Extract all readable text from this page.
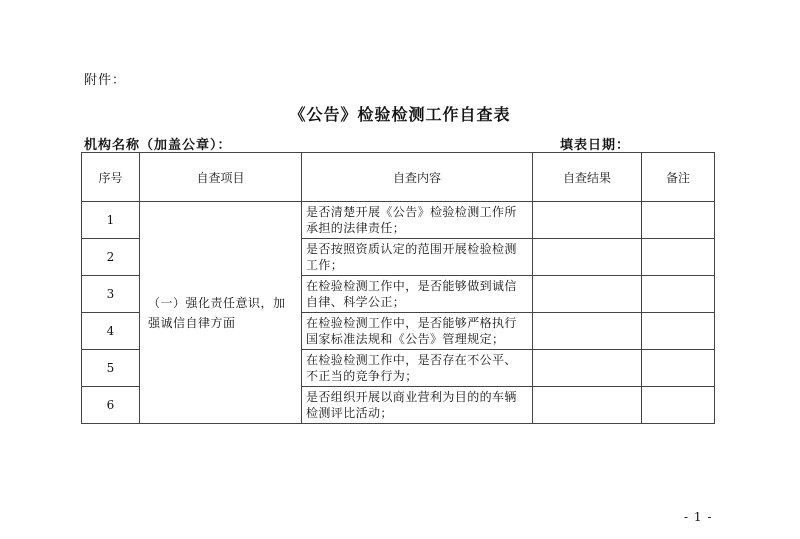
附件：
《公告》检验检测工作自查表
机构名称（加盖公章）：	填表日期：
序号	自查项目	自查内容	自查结果	备注
1	（一）强化责任意识，加强诚信自律方面	是否清楚开展《公告》检验检测工作所承担的法律责任；		
2		是否按照资质认定的范围开展检验检测工作；		
3		在检验检测工作中，是否能够做到诚信自律、科学公正；		
4		在检验检测工作中，是否能够严格执行国家标准法规和《公告》管理规定；		
5		在检验检测工作中，是否存在不公平、不正当的竞争行为；		
6		是否组织开展以商业营利为目的的车辆检测评比活动；		
- 1 -
